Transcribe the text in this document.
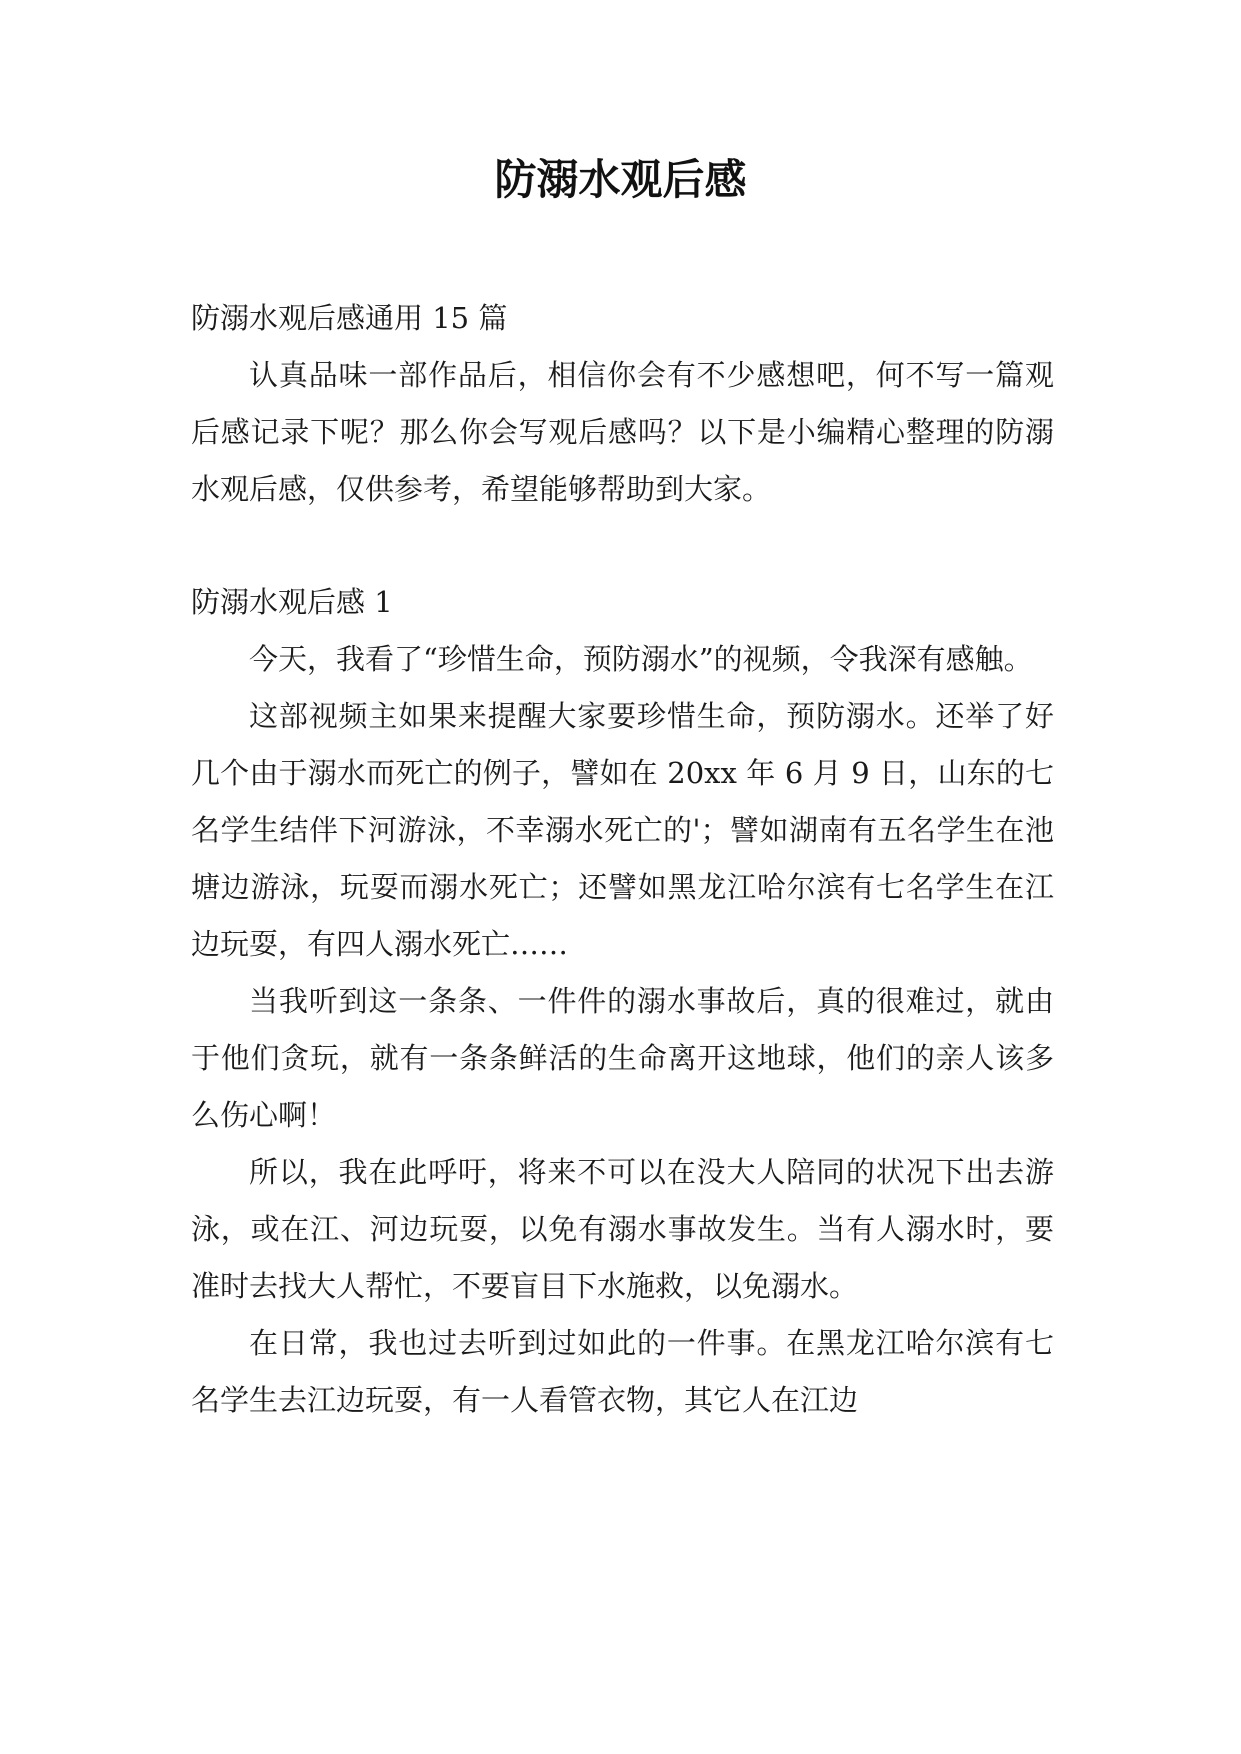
防溺水观后感

防溺水观后感通用 15 篇

认真品味一部作品后，相信你会有不少感想吧，何不写一篇观后感记录下呢？那么你会写观后感吗？以下是小编精心整理的防溺水观后感，仅供参考，希望能够帮助到大家。

防溺水观后感 1

今天，我看了“珍惜生命，预防溺水”的视频，令我深有感触。

这部视频主如果来提醒大家要珍惜生命，预防溺水。还举了好几个由于溺水而死亡的例子，譬如在 20xx 年 6 月 9 日，山东的七名学生结伴下河游泳，不幸溺水死亡的'；譬如湖南有五名学生在池塘边游泳，玩耍而溺水死亡；还譬如黑龙江哈尔滨有七名学生在江边玩耍，有四人溺水死亡……

当我听到这一条条、一件件的溺水事故后，真的很难过，就由于他们贪玩，就有一条条鲜活的生命离开这地球，他们的亲人该多么伤心啊！

所以，我在此呼吁，将来不可以在没大人陪同的状况下出去游泳，或在江、河边玩耍，以免有溺水事故发生。当有人溺水时，要准时去找大人帮忙，不要盲目下水施救，以免溺水。

在日常，我也过去听到过如此的一件事。在黑龙江哈尔滨有七名学生去江边玩耍，有一人看管衣物，其它人在江边
